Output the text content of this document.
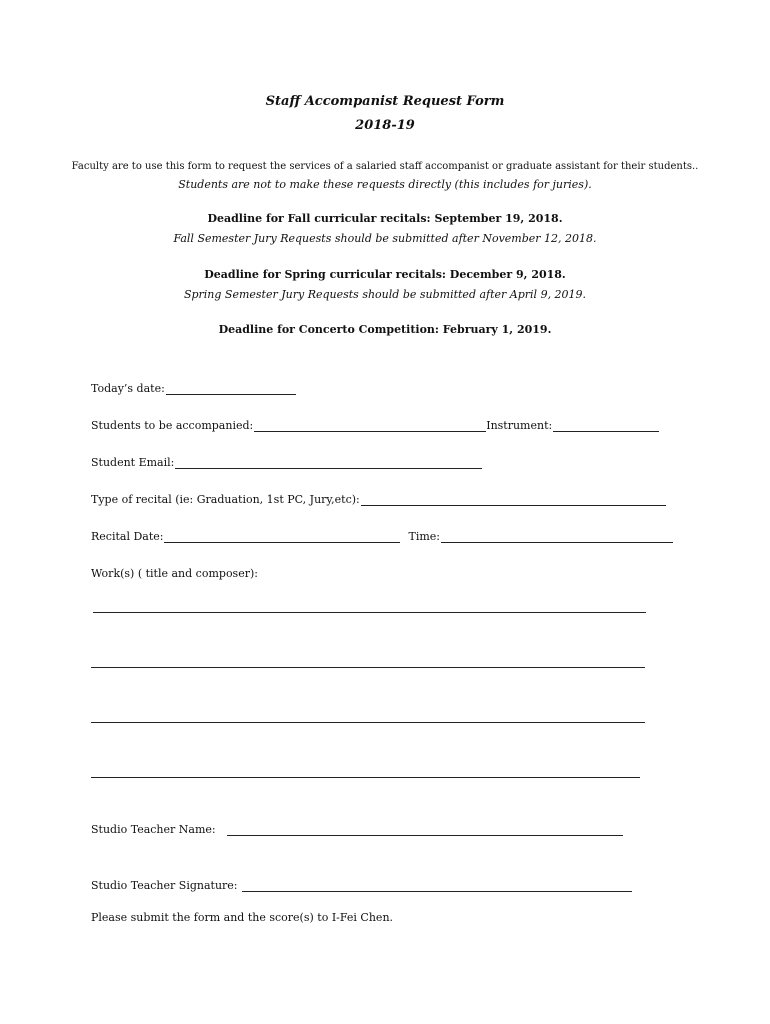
Staff Accompanist Request Form
2018-19
Faculty are to use this form to request the services of a salaried staff accompanist or graduate assistant for their students..
Students are not to make these requests directly (this includes for juries).
Deadline for Fall curricular recitals: September 19, 2018.
Fall Semester Jury Requests should be submitted after November 12, 2018.
Deadline for Spring curricular recitals: December 9, 2018.
Spring Semester Jury Requests should be submitted after April 9, 2019.
Deadline for Concerto Competition: February 1, 2019.
Today’s date:
Students to be accompanied:	Instrument:
Student Email:
Type of recital (ie: Graduation, 1st PC, Jury,etc):
Recital Date:	Time:
Work(s) ( title and composer):
Studio Teacher Name:
Studio Teacher Signature:
Please submit the form and the score(s) to I-Fei Chen.
